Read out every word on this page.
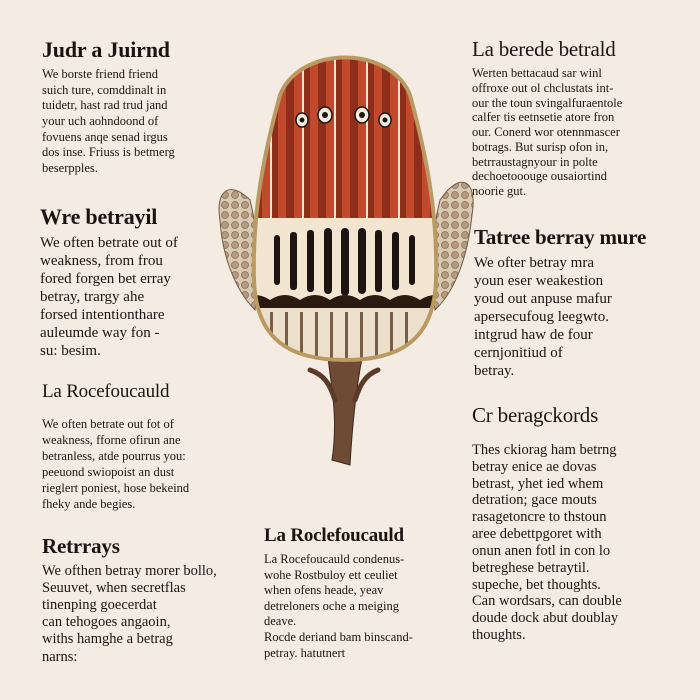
Judr a Juirnd

We borste friend friend
suich ture, comddinalt in
tuidetr, hast rad trud jand
your uch aohndoond of
fovuens anqe senad irgus
dos inse. Friuss is betmerg
beserpples.

La berede betrald

Werten bettacaud sar winl
offroxe out ol chclustats int-
our the toun svingalfuraentole
calfer tis eetnsetie atore fron
our. Conerd wor otennmascer
botrags. But surisp ofon in,
betrraustagnyour in polte
dechoetooouge ousaiortind
noorie gut.

Wre betrayil

We often betrate out of
weakness, from frou
fored forgen bet erray
betray, trargy ahe
forsed intentionthare
auleumde way fon -
su: besim.

Tatree berray mure

We ofter betray mra
youn eser weakestion
youd out anpuse mafur
apersecufoug leegwto.
intgrud haw de four
cernjonitiud of
betray.

La Rocefoucauld

We often betrate out fot of
weakness, fforne ofirun ane
betranless, atde pourrus you:
peeuond swiopoist an dust
rieglert poniest, hose bekeind
fheky ande begies.

Cr beragckords

Thes ckiorag ham betrng
betray enice ae dovas
betrast, yhet ied whem
detration; gace mouts
rasagetoncre to thstoun
aree debettpgoret with
onun anen fotl in con lo
betreghese betraytil.
supeche, bet thoughts.
Can wordsars, can double
doude dock abut doublay
thoughts.

Retrrays

We ofthen betray morer bollo,
Seuuvet, when secretflas
tinenping goecerdat
can tehogoes angaoin,
withs hamghe a betrag
narns:

La Roclefoucauld

La Rocefoucauld condenus-
wohe Rostbuloy ett ceuliet
when ofens heade, yeav
detreloners oche a meiging
deave.
Rocde deriand bam binscand-
petray. hatutnert
